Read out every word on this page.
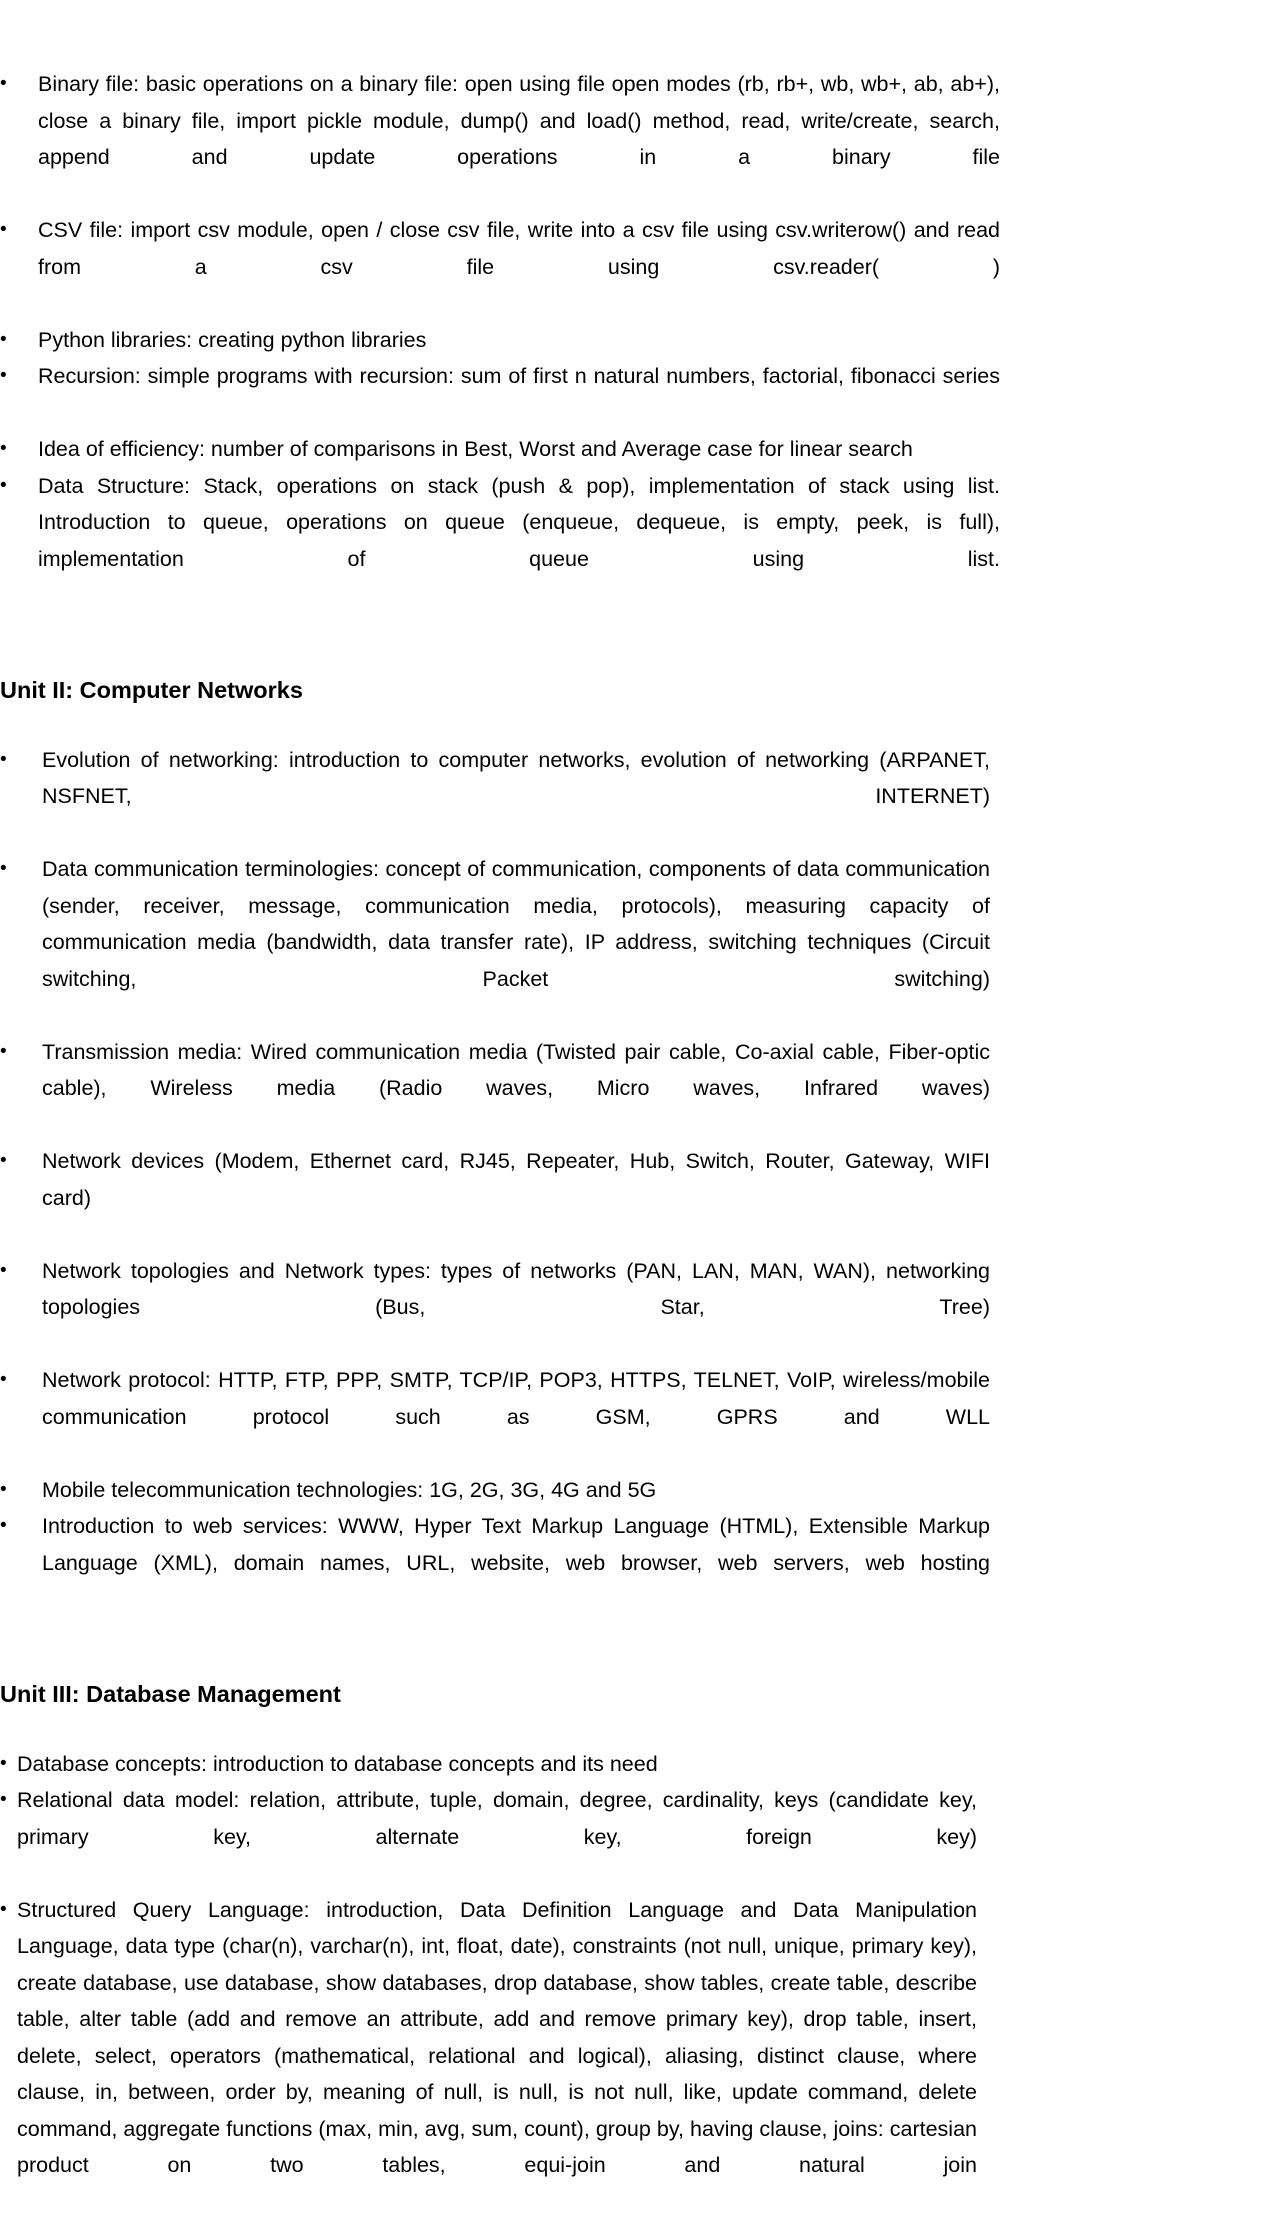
•	Binary file: basic operations on a binary file: open using file open modes (rb, rb+, wb, wb+, ab, ab+), close a binary file, import pickle module, dump() and load() method, read, write/create, search, append and update operations in a binary file
•	CSV file: import csv module, open / close csv file, write into a csv file using csv.writerow() and read from a csv file using csv.reader( )
•	Python libraries: creating python libraries
•	Recursion: simple programs with recursion: sum of first n natural numbers, factorial, fibonacci series
•	Idea of efficiency: number of comparisons in Best, Worst and Average case for linear search
•	Data Structure: Stack, operations on stack (push & pop), implementation of stack using list. Introduction to queue, operations on queue (enqueue, dequeue, is empty, peek, is full), implementation of queue using list.
Unit II: Computer Networks
•	Evolution of networking: introduction to computer networks, evolution of networking (ARPANET, NSFNET, INTERNET)
•	Data communication terminologies: concept of communication, components of data communication (sender, receiver, message, communication media, protocols), measuring capacity of communication media (bandwidth, data transfer rate), IP address, switching techniques (Circuit switching, Packet switching)
•	Transmission media: Wired communication media (Twisted pair cable, Co-axial cable, Fiber-optic cable), Wireless media (Radio waves, Micro waves, Infrared waves)
•	Network devices (Modem, Ethernet card, RJ45, Repeater, Hub, Switch, Router, Gateway, WIFI card)
•	Network topologies and Network types: types of networks (PAN, LAN, MAN, WAN), networking topologies (Bus, Star, Tree)
•	Network protocol: HTTP, FTP, PPP, SMTP, TCP/IP, POP3, HTTPS, TELNET, VoIP, wireless/mobile communication protocol such as GSM, GPRS and WLL
•	Mobile telecommunication technologies: 1G, 2G, 3G, 4G and 5G
•	Introduction to web services: WWW, Hyper Text Markup Language (HTML), Extensible Markup Language (XML), domain names, URL, website, web browser, web servers, web hosting
Unit III: Database Management
• Database concepts: introduction to database concepts and its need
• Relational data model: relation, attribute, tuple, domain, degree, cardinality, keys (candidate key, primary key, alternate key, foreign key)
• Structured Query Language: introduction, Data Definition Language and Data Manipulation Language, data type (char(n), varchar(n), int, float, date), constraints (not null, unique, primary key), create database, use database, show databases, drop database, show tables, create table, describe table, alter table (add and remove an attribute, add and remove primary key), drop table, insert, delete, select, operators (mathematical, relational and logical), aliasing, distinct clause, where clause, in, between, order by, meaning of null, is null, is not null, like, update command, delete command, aggregate functions (max, min, avg, sum, count), group by, having clause, joins: cartesian product on two tables, equi-join and natural join
